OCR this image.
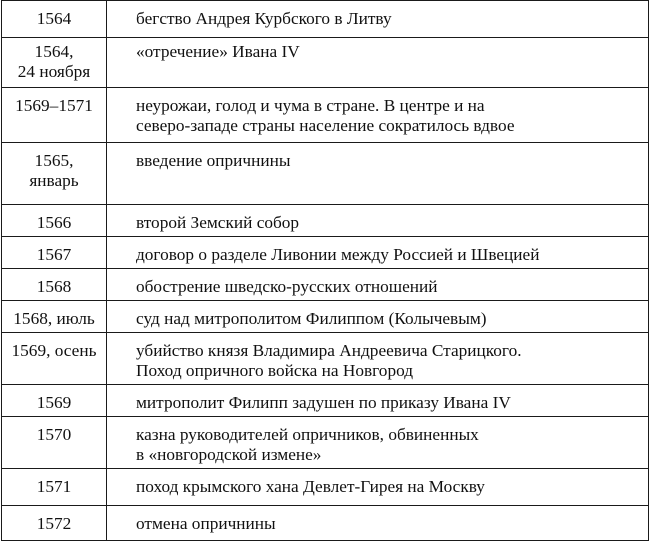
1564	бегство Андрея Курбского в Литву
1564,
24 ноября	«отречение» Ивана IV
1569–1571	неурожаи, голод и чума в стране. В центре и на
северо-западе страны население сократилось вдвое
1565,
январь	введение опричнины
1566	второй Земский собор
1567	договор о разделе Ливонии между Россией и Швецией
1568	обострение шведско-русских отношений
1568, июль	суд над митрополитом Филиппом (Колычевым)
1569, осень	убийство князя Владимира Андреевича Старицкого.
Поход опричного войска на Новгород
1569	митрополит Филипп задушен по приказу Ивана IV
1570	казна руководителей опричников, обвиненных
в «новгородской измене»
1571	поход крымского хана Девлет-Гирея на Москву
1572	отмена опричнины
